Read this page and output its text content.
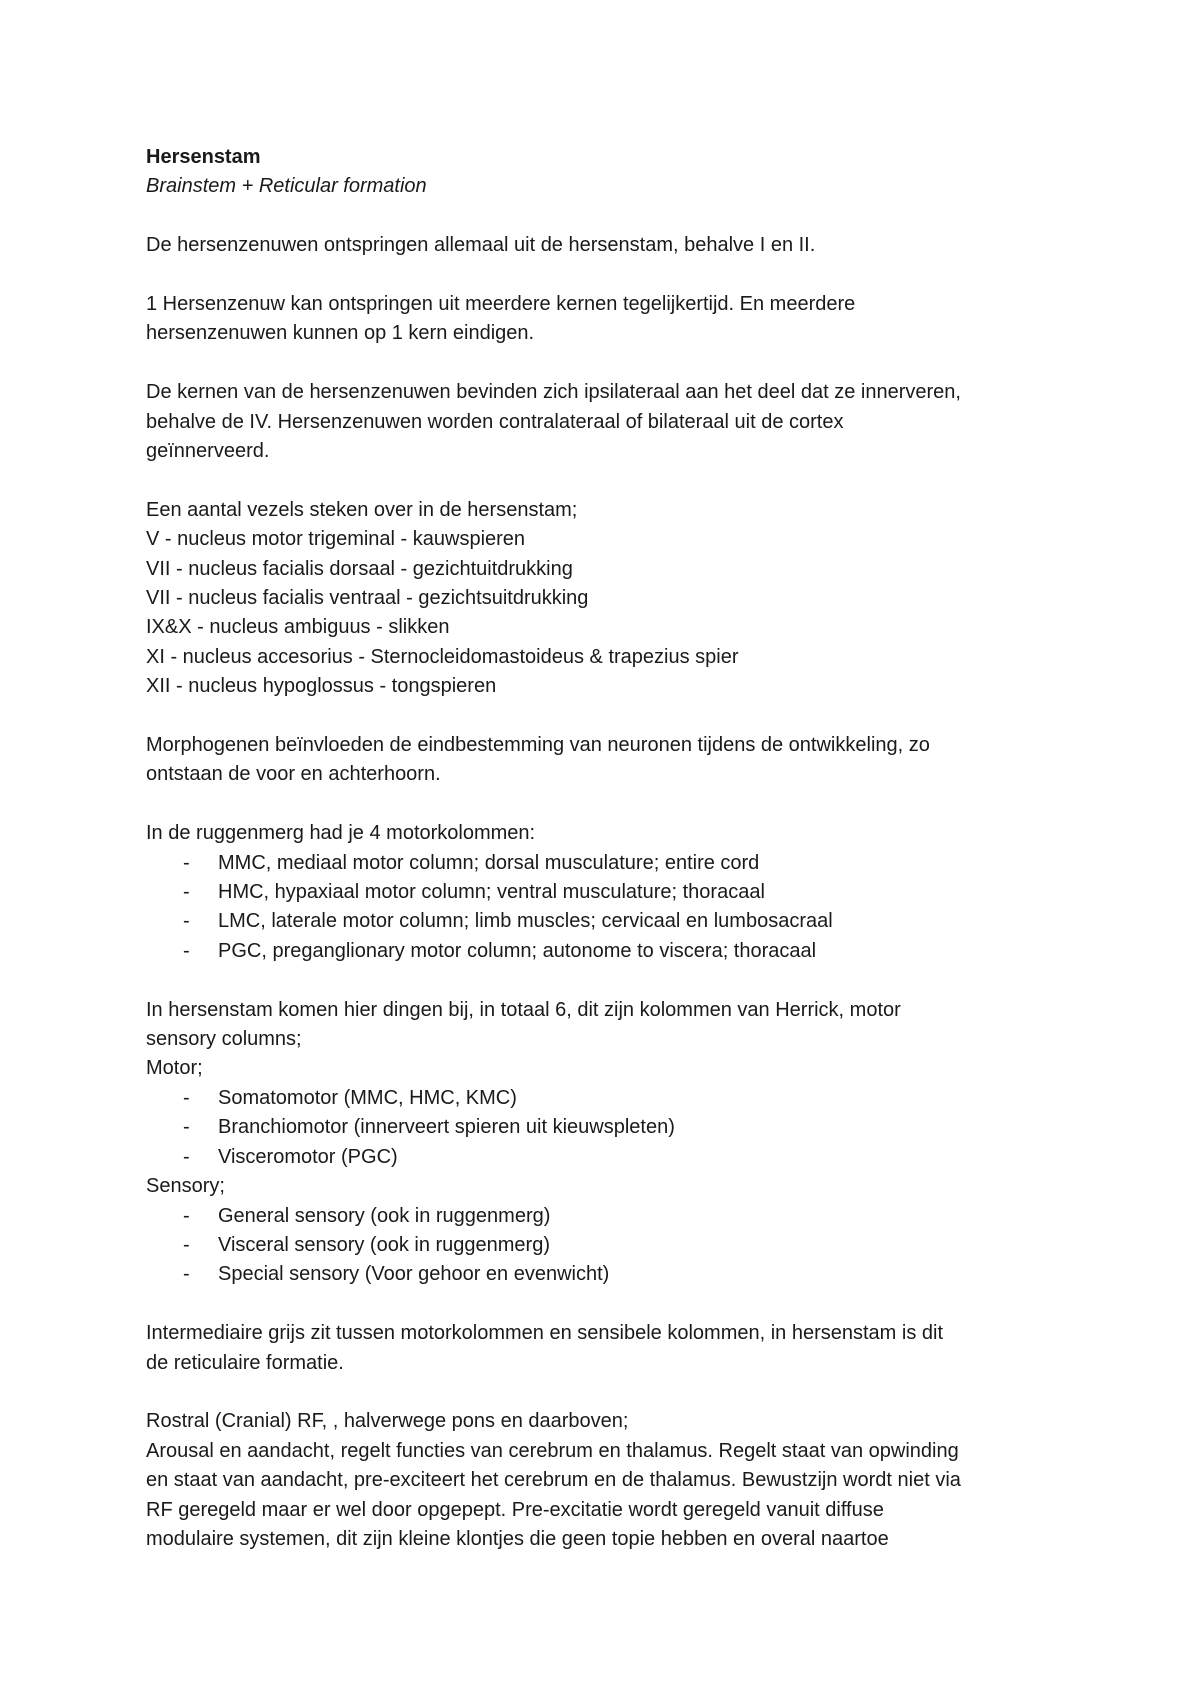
Hersenstam
Brainstem + Reticular formation
De hersenzenuwen ontspringen allemaal uit de hersenstam, behalve I en II.
1 Hersenzenuw kan ontspringen uit meerdere kernen tegelijkertijd. En meerdere
hersenzenuwen kunnen op 1 kern eindigen.
De kernen van de hersenzenuwen bevinden zich ipsilateraal aan het deel dat ze innerveren,
behalve de IV. Hersenzenuwen worden contralateraal of bilateraal uit de cortex
geïnnerveerd.
Een aantal vezels steken over in de hersenstam;
V - nucleus motor trigeminal - kauwspieren
VII - nucleus facialis dorsaal - gezichtuitdrukking
VII - nucleus facialis ventraal - gezichtsuitdrukking
IX&X - nucleus ambiguus - slikken
XI - nucleus accesorius - Sternocleidomastoideus & trapezius spier
XII - nucleus hypoglossus - tongspieren
Morphogenen beïnvloeden de eindbestemming van neuronen tijdens de ontwikkeling, zo
ontstaan de voor en achterhoorn.
In de ruggenmerg had je 4 motorkolommen:
- MMC, mediaal motor column; dorsal musculature; entire cord
- HMC, hypaxiaal motor column; ventral musculature; thoracaal
- LMC, laterale motor column; limb muscles; cervicaal en lumbosacraal
- PGC, preganglionary motor column; autonome to viscera; thoracaal
In hersenstam komen hier dingen bij, in totaal 6, dit zijn kolommen van Herrick, motor
sensory columns;
Motor;
- Somatomotor (MMC, HMC, KMC)
- Branchiomotor (innerveert spieren uit kieuwspleten)
- Visceromotor (PGC)
Sensory;
- General sensory (ook in ruggenmerg)
- Visceral sensory (ook in ruggenmerg)
- Special sensory (Voor gehoor en evenwicht)
Intermediaire grijs zit tussen motorkolommen en sensibele kolommen, in hersenstam is dit
de reticulaire formatie.
Rostral (Cranial) RF, , halverwege pons en daarboven;
Arousal en aandacht, regelt functies van cerebrum en thalamus. Regelt staat van opwinding
en staat van aandacht, pre-exciteert het cerebrum en de thalamus. Bewustzijn wordt niet via
RF geregeld maar er wel door opgepept. Pre-excitatie wordt geregeld vanuit diffuse
modulaire systemen, dit zijn kleine klontjes die geen topie hebben en overal naartoe
